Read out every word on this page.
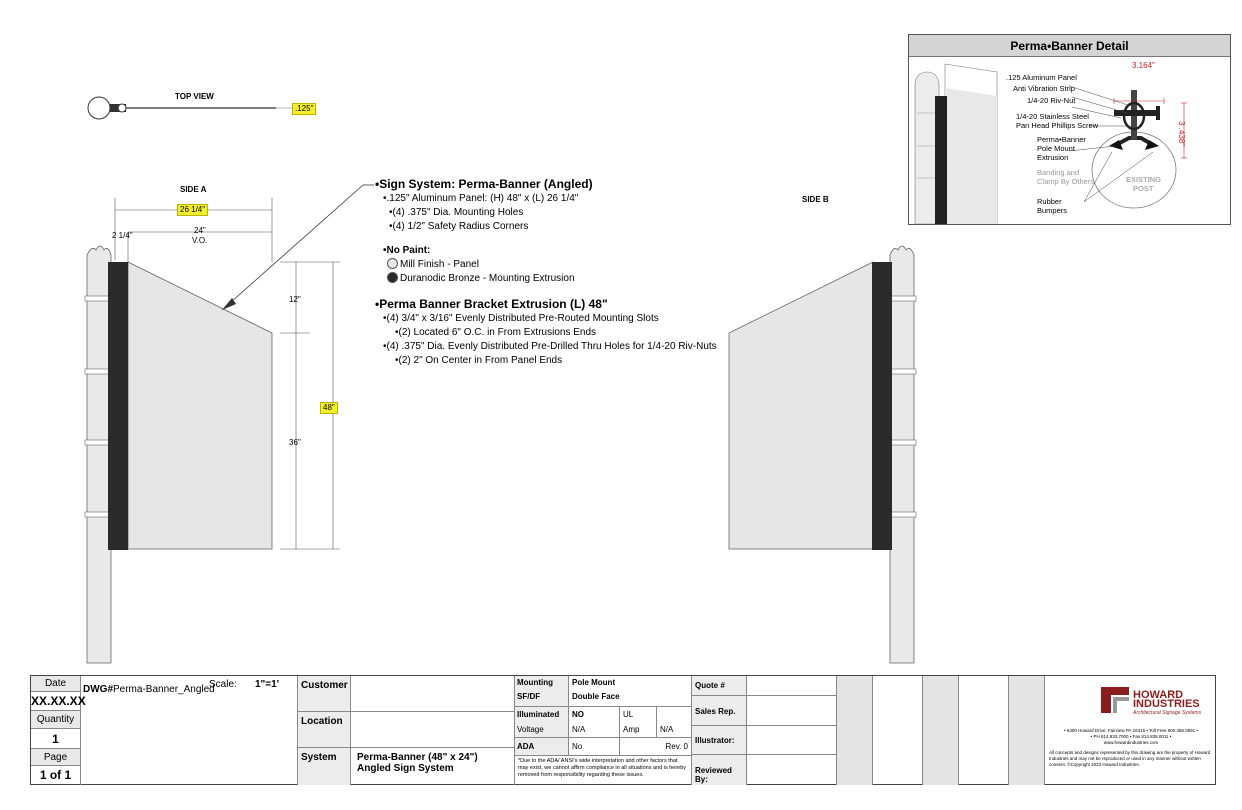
TOP VIEW
.125"
SIDE A
26 1/4"
24"
V.O.
2 1/4"
12"
36"
48"
SIDE B
•Sign System: Perma-Banner (Angled)
•.125" Aluminum Panel: (H) 48" x (L) 26 1/4"
•(4) .375" Dia. Mounting Holes
•(4) 1/2" Safety Radius Corners
•No Paint:
Mill Finish - Panel
Duranodic Bronze - Mounting Extrusion
•Perma Banner Bracket Extrusion (L) 48"
•(4) 3/4" x 3/16" Evenly Distributed Pre-Routed Mounting Slots
•(2) Located 6" O.C. in From Extrusions Ends
•(4) .375" Dia. Evenly Distributed Pre-Drilled Thru Holes for 1/4-20 Riv-Nuts
•(2) 2" On Center in From Panel Ends
Perma•Banner Detail
3.164"
3 .438"
.125 Aluminum Panel
Anti Vibration Strip
1/4-20 Riv-Nut
1/4-20 Stainless Steel
Pan Head Phillips Screw
Perma•Banner
Pole Mount
Extrusion
Banding and
Clamp By Others	EXISTING
POST
Rubber
Bumpers
Date
XX.XX.XX
Quantity
1
Page
1 of 1
DWG#Perma-Banner_Angled
Scale: 1"=1'	Customer
Location
System	Perma-Banner (48" x 24")
Angled Sign System
Mounting	Pole Mount
SF/DF	Double Face
Illuminated	NO	UL
Voltage	N/A	Amp	N/A
ADA	No	Rev. 0
*Due to the ADA/ ANSI's wide interpretation and other factors that may exist, we cannot affirm compliance in all situations and is hereby removed from responsibility regarding these issues.
Quote #
Sales Rep.
Illustrator:
Reviewed By:
HOWARD
INDUSTRIES
Architectural Signage Systems
• 6400 Howard Drive, Fairview PA 16415 • Toll Free 800.458.0591 •
• PH 814.833.7000 • Fax 814.838.0011 •
www.howardindustries.com
All concepts and designs represented by this drawing are the property of Howard Industries and may not be reproduced or used in any manner without written consent. ©Copyright 2023 Howard Industries.
